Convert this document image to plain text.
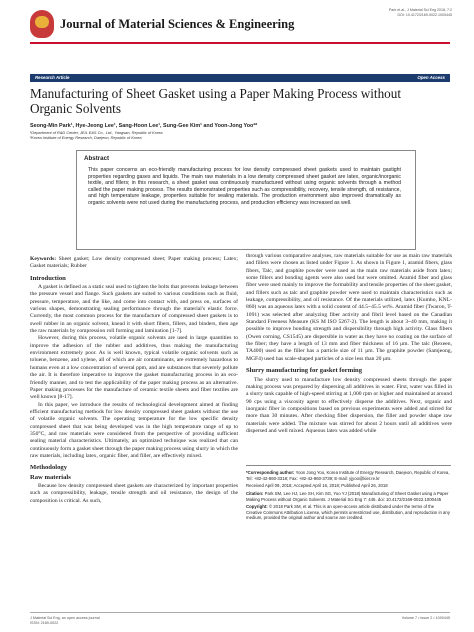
Journal of Material Sciences & Engineering
Park et al., J Material Sci Eng 2018, 7:2
DOI: 10.4172/2169-0022.1000445
Research Article	Open Access
Manufacturing of Sheet Gasket using a Paper Making Process without Organic Solvents
Seong-Min Park¹, Hye-Jeong Lee¹, Sang-Hoon Lee¹, Sung-Gee Kim¹ and Yoon-Jong Yoo²*
¹Department of R&D Center, JEIL E&S Co., Ltd., Yangsan, Republic of Korea
²Korea Institute of Energy Research, Daejeon, Republic of Korea
Abstract

This paper concerns an eco-friendly manufacturing process for low density compressed sheet gaskets used to maintain gastight properties regarding gases and liquids. The main raw materials in a low density compressed sheet gasket are latex, organic/inorganic textile, and fillers; in this research, a sheet gasket was continuously manufactured without using organic solvents through a method called the paper making process. The results demonstrated properties such as compressibility, recovery, tensile strength, oil resistance, and high temperature leakage, properties suitable for sealing materials. The production environment also improved dramatically as organic solvents were not used during the manufacturing process, and production efficiency was increased as well.

Keywords: Sheet gasket; Low density compressed sheet; Paper making process; Latex; Gasket materials; Rubber

Introduction

A gasket is defined as a static seal used to tighten the bolts that prevents leakage between the pressure vessel and flange. Such gaskets are suited to various conditions such as fluid, pressure, temperature, and the like, and come into contact with, and press on, surfaces of various shapes, demonstrating sealing performance through the material's elastic force. Currently, the most common process for the manufacture of compressed sheet gaskets is to swell rubber in an organic solvent, knead it with short fibers, fillers, and binders, then age the raw materials by compression roll forming and lamination [1-7].

However, during this process, volatile organic solvents are used in large quantities to improve the adhesion of the rubber and additives, thus making the manufacturing environment extremely poor. As is well known, typical volatile organic solvents such as toluene, benzene, and xylene, all of which are air contaminants, are extremely hazardous to humans even at a low concentration of several ppm, and are substances that severely pollute the air. It is therefore imperative to improve the gasket manufacturing process in an eco-friendly manner, and to test the applicability of the paper making process as an alternative. Paper making processes for the manufacture of ceramic textile sheets and fiber textiles are well known [8-17].

In this paper, we introduce the results of technological development aimed at finding efficient manufacturing methods for low density compressed sheet gaskets without the use of volatile organic solvents. The operating temperature for the low specific density compressed sheet that was being developed was in the high temperature range of up to 350°C, and raw materials were considered from the perspective of providing sufficient sealing material characteristics. Ultimately, an optimized technique was realized that can continuously form a gasket sheet through the paper making process using slurry in which the raw materials, including latex, organic fiber, and filler, are effectively mixed.

Methodology
Raw materials

Because low density compressed sheet gaskets are characterized by important properties such as compressibility, leakage, tensile strength and oil resistance, the design of the composition is critical. As such,

through various comparative analyses, raw materials suitable for use as main raw materials and fillers were chosen as listed under Figure 1. As shown in Figure 1, aramid fibers, glass fibers, Talc, and graphite powder were used as the main raw materials aside from latex; some fillers and bonding agents were also used but were omitted. Aramid fiber and glass fiber were used mainly to improve the formability and tensile properties of the sheet gasket, and fillers such as talc and graphite powder were used to maintain characteristics such as leakage, compressibility, and oil resistance. Of the materials utilized, latex (Kumho, KNL-860) was an aqueous latex with a solid content of 44.5~45.5 wt%. Aramid fiber (Twaron, T-1091) was selected after analyzing fiber activity and fibril level based on the Canadian Standard Freeness Measure (KS M ISO 5267-2). The length is about 3~40 mm, making it possible to improve bonding strength and dispersibility through high activity. Glass fibers (Owen corning, CS1545) are dispersible in water as they have no coating on the surface of the fiber; they have a length of 13 mm and fiber thickness of 16 μm. The talc (Rexeen, TA400) used as the filler has a particle size of 11 μm. The graphite powder (Samjeong, MGF4) used has scale-shaped particles of a size less than 20 μm.

Slurry manufacturing for gasket forming

The slurry used to manufacture low density compressed sheets through the paper making process was prepared by dispersing all additives in water. First, water was filled in a slurry tank capable of high-speed stirring at 1,000 rpm or higher and maintained at around 90 cps using a viscosity agent to effectively disperse the additives. Next, organic and inorganic fiber in compositions based on previous experiments were added and stirred for more than 30 minutes. After checking fiber dispersion, the filler and powder shape raw materials were added. The mixture was stirred for about 2 hours until all additives were dispersed and well mixed. Aqueous latex was added while

*Corresponding author: Yoon Jong Yoo, Korea Institute of Energy Research, Daejeon, Republic of Korea, Tel: +82-42-860-3318; Fax: +82-42-860-3739; E-mail: yjyoo@kier.re.kr
Received April 09, 2018; Accepted April 16, 2018; Published April 26, 2018
Citation: Park SM, Lee HJ, Lee SH, Kim SG, Yoo YJ (2018) Manufacturing of Sheet Gasket using a Paper Making Process without Organic Solvents. J Material Sci Eng 7: 445. doi: 10.4172/2169-0022.1000445
Copyright: © 2018 Park SM, et al. This is an open-access article distributed under the terms of the Creative Commons Attribution License, which permits unrestricted use, distribution, and reproduction in any medium, provided the original author and source are credited.
J Material Sci Eng, an open access journal
ISSN: 2169-0022
Volume 7 • Issue 2 • 1000445
